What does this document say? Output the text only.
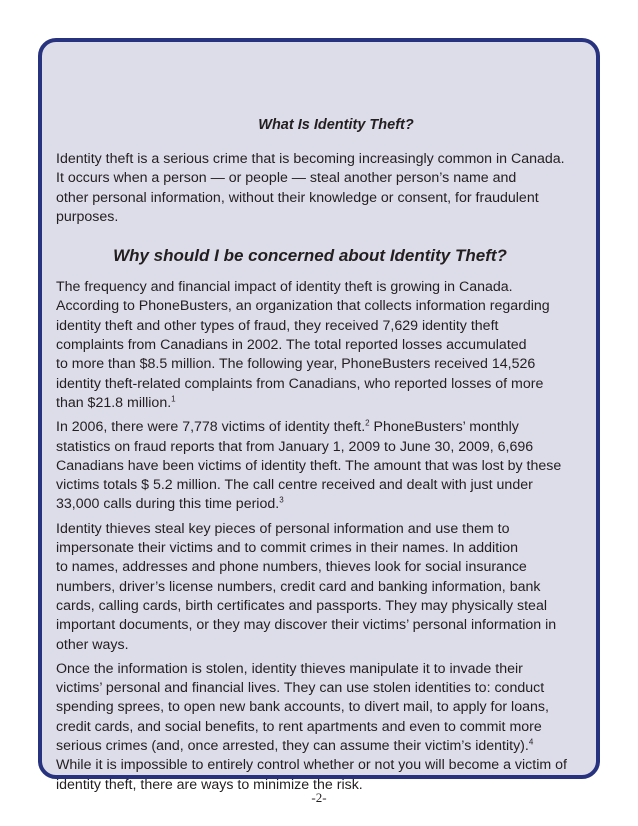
What Is Identity Theft?

Identity theft is a serious crime that is becoming increasingly common in Canada.
It occurs when a person — or people — steal another person’s name and
other personal information, without their knowledge or consent, for fraudulent
purposes.

Why should I be concerned about Identity Theft?

The frequency and financial impact of identity theft is growing in Canada.
According to PhoneBusters, an organization that collects information regarding
identity theft and other types of fraud, they received 7,629 identity theft
complaints from Canadians in 2002. The total reported losses accumulated
to more than $8.5 million. The following year, PhoneBusters received 14,526
identity theft-related complaints from Canadians, who reported losses of more
than $21.8 million.$^1$

In 2006, there were 7,778 victims of identity theft.$^2$ PhoneBusters’ monthly
statistics on fraud reports that from January 1, 2009 to June 30, 2009, 6,696
Canadians have been victims of identity theft. The amount that was lost by these
victims totals $ 5.2 million. The call centre received and dealt with just under
33,000 calls during this time period.$^3$

Identity thieves steal key pieces of personal information and use them to
impersonate their victims and to commit crimes in their names. In addition
to names, addresses and phone numbers, thieves look for social insurance
numbers, driver’s license numbers, credit card and banking information, bank
cards, calling cards, birth certificates and passports. They may physically steal
important documents, or they may discover their victims’ personal information in
other ways.

Once the information is stolen, identity thieves manipulate it to invade their
victims’ personal and financial lives. They can use stolen identities to: conduct
spending sprees, to open new bank accounts, to divert mail, to apply for loans,
credit cards, and social benefits, to rent apartments and even to commit more
serious crimes (and, once arrested, they can assume their victim’s identity).$^4$
While it is impossible to entirely control whether or not you will become a victim of
identity theft, there are ways to minimize the risk.

-2-
